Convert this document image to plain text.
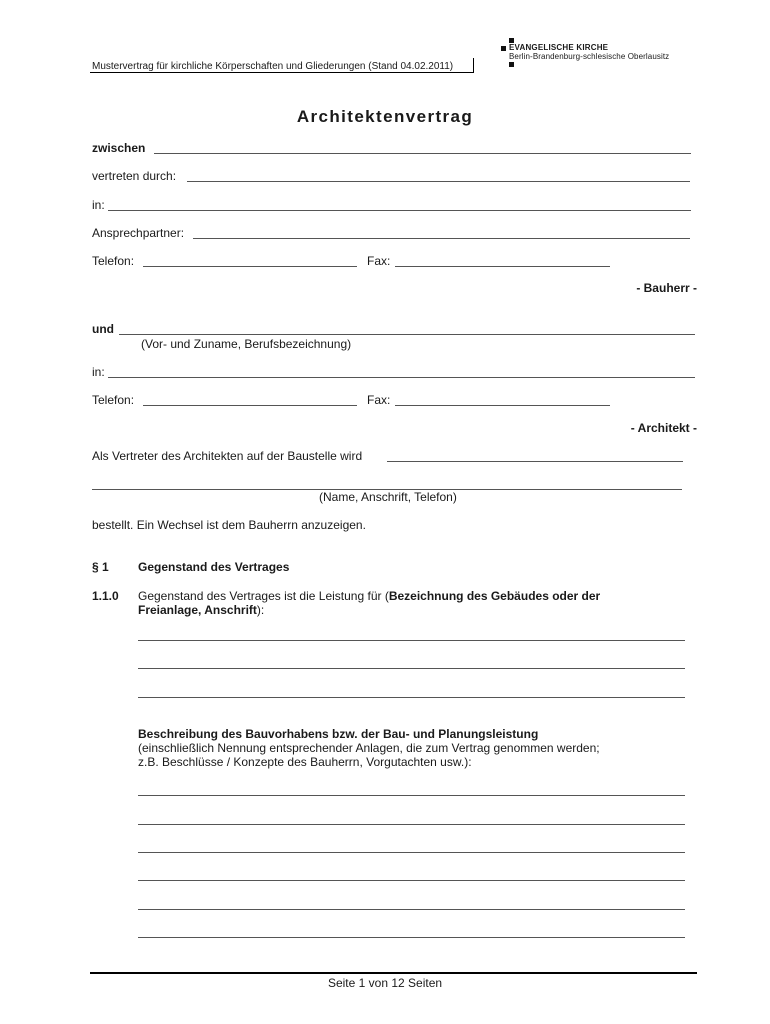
Mustervertrag für kirchliche Körperschaften und Gliederungen (Stand 04.02.2011)
EVANGELISCHE KIRCHE
Berlin-Brandenburg-schlesische Oberlausitz
Architektenvertrag
zwischen
vertreten durch:
in:
Ansprechpartner:
Telefon:	Fax:
- Bauherr -
und
(Vor- und Zuname, Berufsbezeichnung)
in:
Telefon:	Fax:
- Architekt -
Als Vertreter des Architekten auf der Baustelle wird
(Name, Anschrift, Telefon)
bestellt. Ein Wechsel ist dem Bauherrn anzuzeigen.
§ 1 Gegenstand des Vertrages
1.1.0 Gegenstand des Vertrages ist die Leistung für (Bezeichnung des Gebäudes oder der
Freianlage, Anschrift):
Beschreibung des Bauvorhabens bzw. der Bau- und Planungsleistung
(einschließlich Nennung entsprechender Anlagen, die zum Vertrag genommen werden;
z.B. Beschlüsse / Konzepte des Bauherrn, Vorgutachten usw.):
Seite 1 von 12 Seiten
